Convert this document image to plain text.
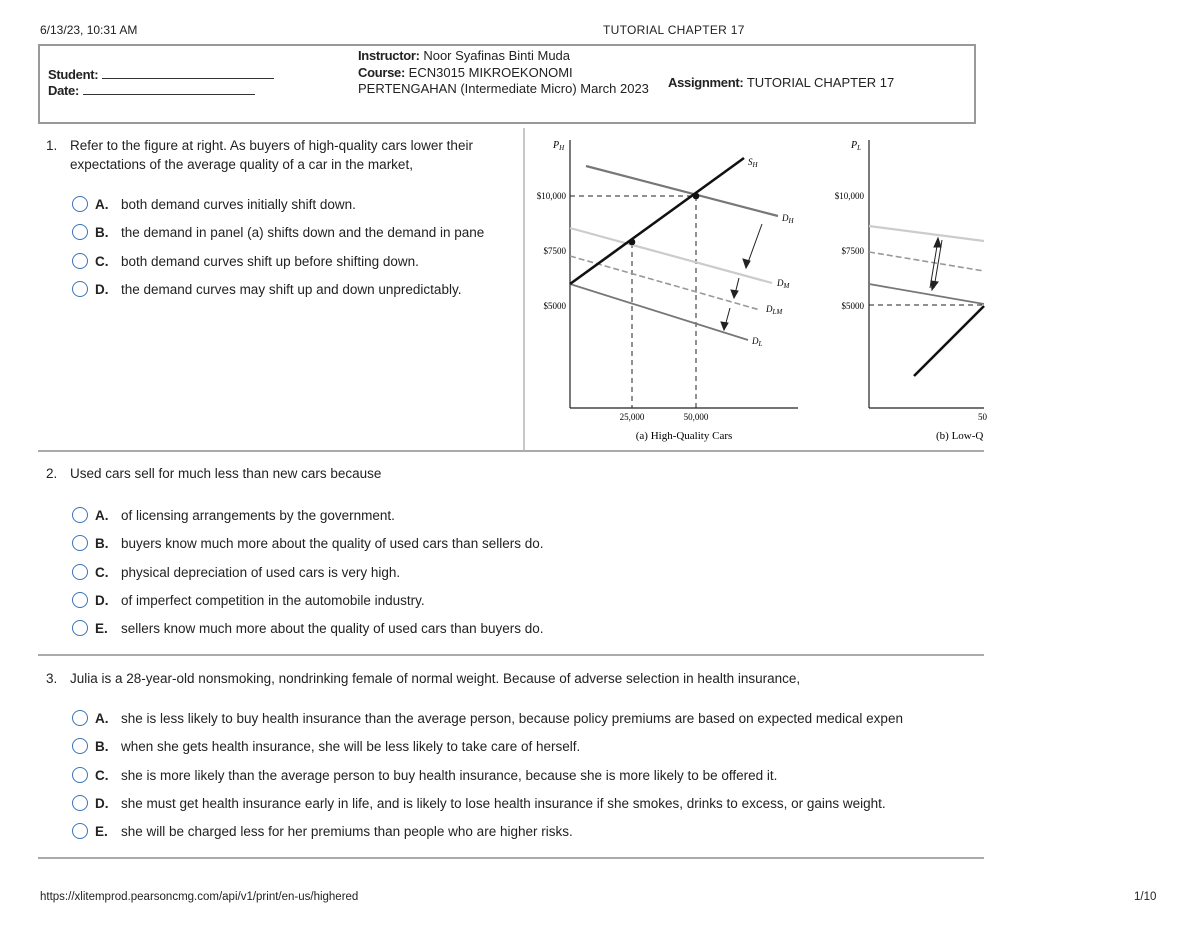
6/13/23, 10:31 AM	TUTORIAL CHAPTER 17
Student:
Date:
Instructor: Noor Syafinas Binti Muda
Course: ECN3015 MIKROEKONOMI PERTENGAHAN (Intermediate Micro) March 2023	Assignment: TUTORIAL CHAPTER 17
1. Refer to the figure at right. As buyers of high-quality cars lower their expectations of the average quality of a car in the market,
A. both demand curves initially shift down.
B. the demand in panel (a) shifts down and the demand in pane
C. both demand curves shift up before shifting down.
D. the demand curves may shift up and down unpredictably.
$P_H$
$10,000
$7500
$5000
$S_H$
$D_H$
$D_M$
$D_{LM}$
$D_L$
25,000	50,000
(a) High-Quality Cars
$P_L$
$10,000
$7500
$5000
50
(b) Low-Q
2. Used cars sell for much less than new cars because
A. of licensing arrangements by the government.
B. buyers know much more about the quality of used cars than sellers do.
C. physical depreciation of used cars is very high.
D. of imperfect competition in the automobile industry.
E. sellers know much more about the quality of used cars than buyers do.
3. Julia is a 28-year-old nonsmoking, nondrinking female of normal weight. Because of adverse selection in health insurance,
A. she is less likely to buy health insurance than the average person, because policy premiums are based on expected medical expen
B. when she gets health insurance, she will be less likely to take care of herself.
C. she is more likely than the average person to buy health insurance, because she is more likely to be offered it.
D. she must get health insurance early in life, and is likely to lose health insurance if she smokes, drinks to excess, or gains weight.
E. she will be charged less for her premiums than people who are higher risks.
https://xlitemprod.pearsoncmg.com/api/v1/print/en-us/highered	1/10
